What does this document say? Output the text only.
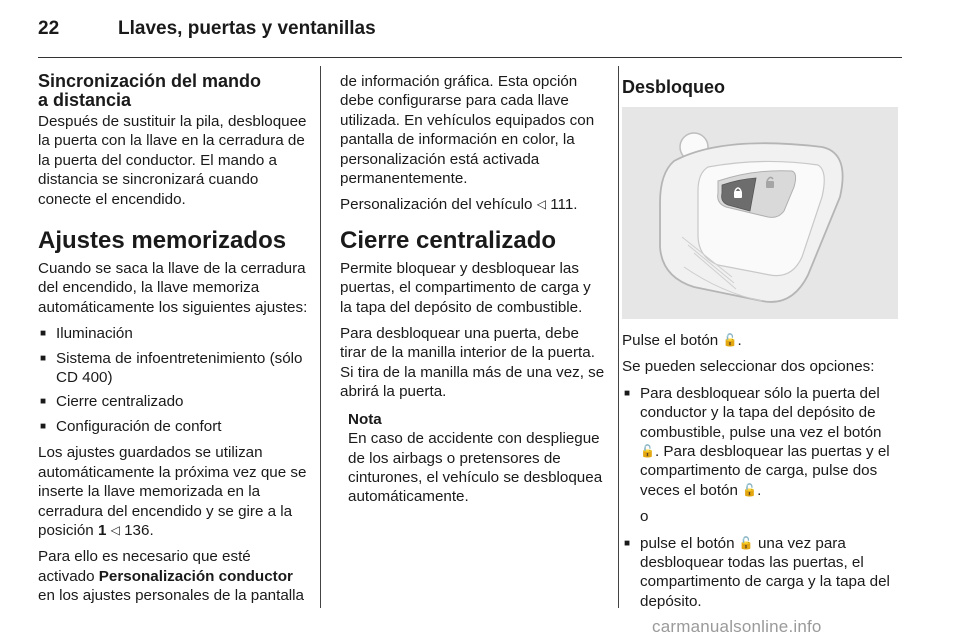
22	Llaves, puertas y ventanillas
Sincronización del mando
a distancia

Después de sustituir la pila, desbloquee la puerta con la llave en la cerradura de la puerta del conductor. El mando a distancia se sincronizará cuando conecte el encendido.

Ajustes memorizados

Cuando se saca la llave de la cerradura del encendido, la llave memoriza automáticamente los siguientes ajustes:

■ Iluminación
■ Sistema de infoentretenimiento (sólo CD 400)
■ Cierre centralizado
■ Configuración de confort

Los ajustes guardados se utilizan automáticamente la próxima vez que se inserte la llave memorizada en la cerradura del encendido y se gire a la posición 1 ◁ 136.

Para ello es necesario que esté activado Personalización conductor en los ajustes personales de la pantalla

de información gráfica. Esta opción debe configurarse para cada llave utilizada. En vehículos equipados con pantalla de información en color, la personalización está activada permanentemente.

Personalización del vehículo ◁ 111.

Cierre centralizado

Permite bloquear y desbloquear las puertas, el compartimento de carga y la tapa del depósito de combustible.

Para desbloquear una puerta, debe tirar de la manilla interior de la puerta. Si tira de la manilla más de una vez, se abrirá la puerta.

Nota
En caso de accidente con despliegue de los airbags o pretensores de cinturones, el vehículo se desbloquea automáticamente.
Desbloqueo

Pulse el botón 🔓.

Se pueden seleccionar dos opciones:

■ Para desbloquear sólo la puerta del conductor y la tapa del depósito de combustible, pulse una vez el botón 🔓. Para desbloquear las puertas y el compartimento de carga, pulse dos veces el botón 🔓.

o

■ pulse el botón 🔓 una vez para desbloquear todas las puertas, el compartimento de carga y la tapa del depósito.
carmanualsonline.info
